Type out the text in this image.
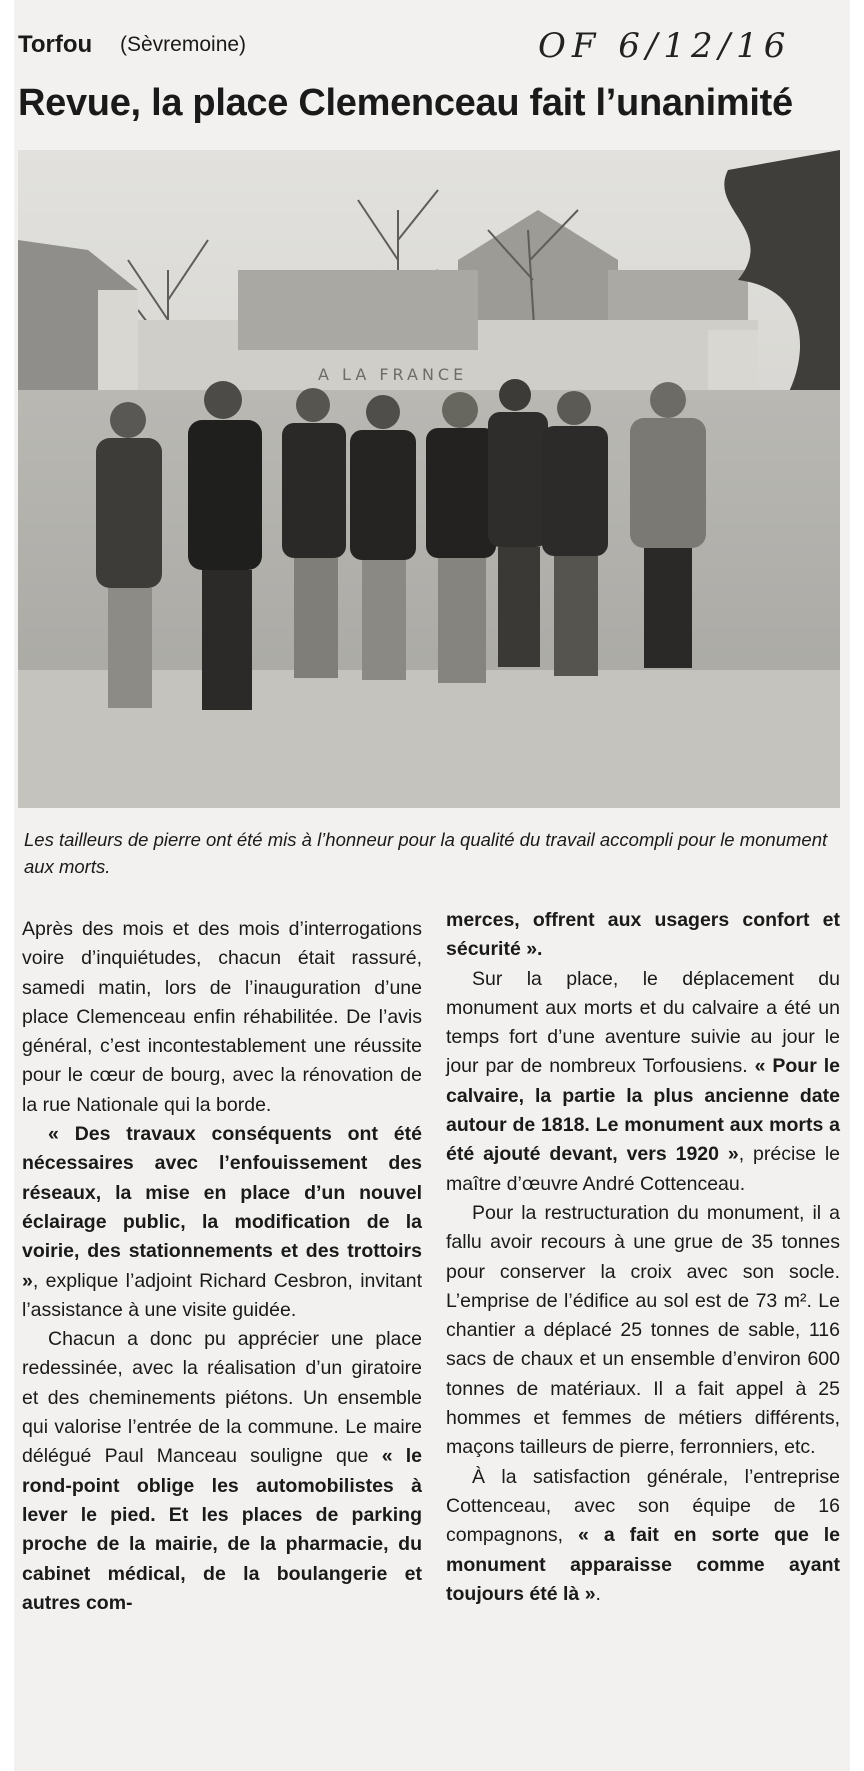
Torfou (Sèvremoine)	OF 6/12/16
Revue, la place Clemenceau fait l’unanimité
A LA FRANCE
Les tailleurs de pierre ont été mis à l’honneur pour la qualité du travail accompli pour le monument aux morts.

Après des mois et des mois d’interrogations voire d’inquiétudes, chacun était rassuré, samedi matin, lors de l’inauguration d’une place Clemenceau enfin réhabilitée. De l’avis général, c’est incontestablement une réussite pour le cœur de bourg, avec la rénovation de la rue Nationale qui la borde.

« Des travaux conséquents ont été nécessaires avec l’enfouissement des réseaux, la mise en place d’un nouvel éclairage public, la modification de la voirie, des stationnements et des trottoirs », explique l’adjoint Richard Cesbron, invitant l’assistance à une visite guidée.

Chacun a donc pu apprécier une place redessinée, avec la réalisation d’un giratoire et des cheminements piétons. Un ensemble qui valorise l’entrée de la commune. Le maire délégué Paul Manceau souligne que « le rond-point oblige les automobilistes à lever le pied. Et les places de parking proche de la mairie, de la pharmacie, du cabinet médical, de la boulangerie et autres com-

merces, offrent aux usagers confort et sécurité ».

Sur la place, le déplacement du monument aux morts et du calvaire a été un temps fort d’une aventure suivie au jour le jour par de nombreux Torfousiens. « Pour le calvaire, la partie la plus ancienne date autour de 1818. Le monument aux morts a été ajouté devant, vers 1920 », précise le maître d’œuvre André Cottenceau.

Pour la restructuration du monument, il a fallu avoir recours à une grue de 35 tonnes pour conserver la croix avec son socle. L’emprise de l’édifice au sol est de 73 m². Le chantier a déplacé 25 tonnes de sable, 116 sacs de chaux et un ensemble d’environ 600 tonnes de matériaux. Il a fait appel à 25 hommes et femmes de métiers différents, maçons tailleurs de pierre, ferronniers, etc.

À la satisfaction générale, l’entreprise Cottenceau, avec son équipe de 16 compagnons, « a fait en sorte que le monument apparaisse comme ayant toujours été là ».
